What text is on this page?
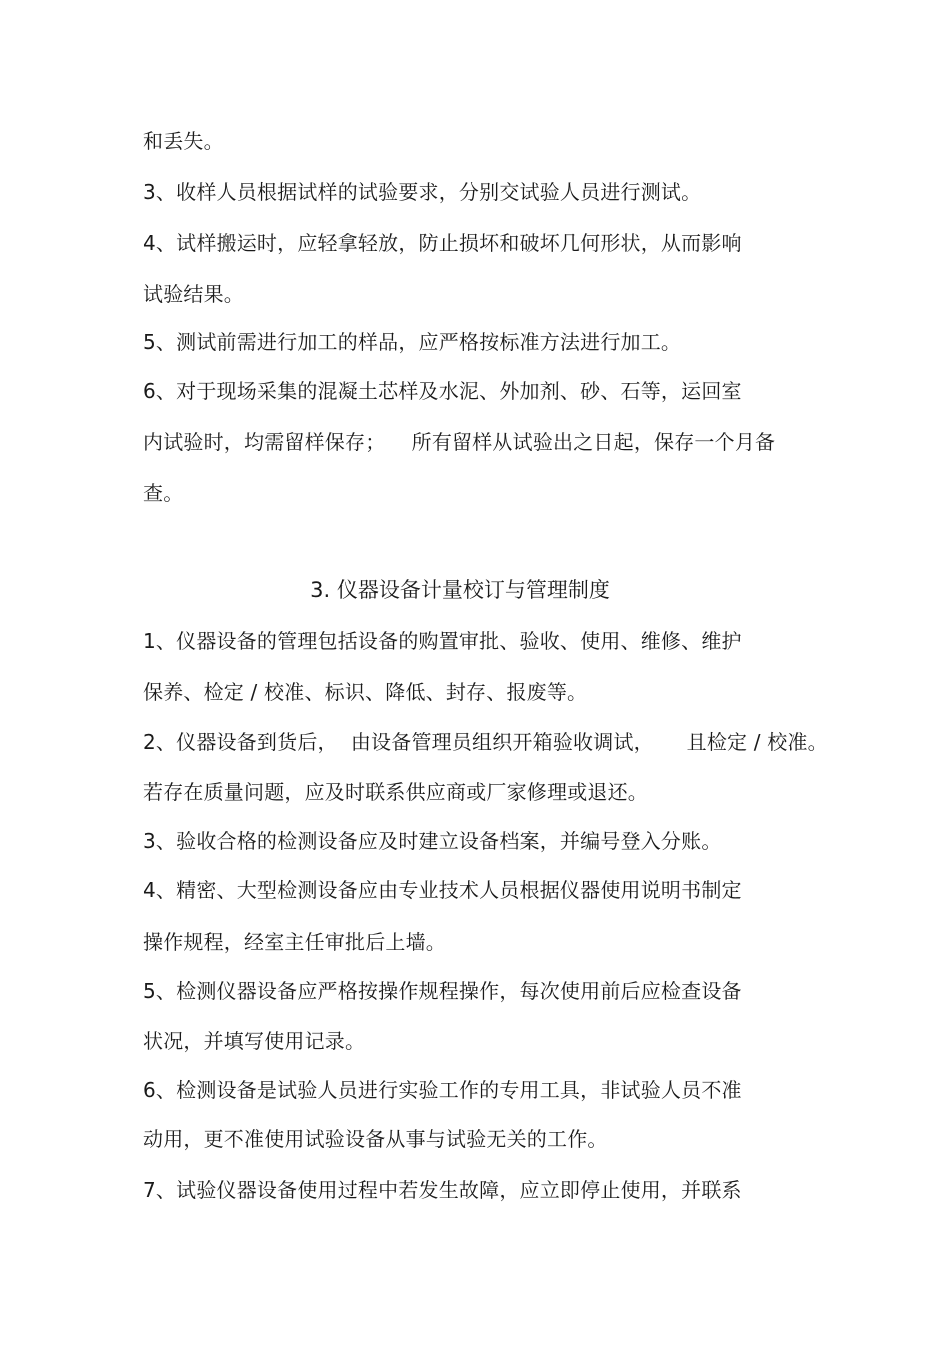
和丢失。
3、收样人员根据试样的试验要求，分别交试验人员进行测试。
4、试样搬运时，应轻拿轻放，防止损坏和破坏几何形状，从而影响
试验结果。
5、测试前需进行加工的样品，应严格按标准方法进行加工。
6、对于现场采集的混凝土芯样及水泥、外加剂、砂、石等，运回室
内试验时，均需留样保存；    所有留样从试验出之日起，保存一个月备
查。
3. 仪器设备计量校订与管理制度
1、仪器设备的管理包括设备的购置审批、验收、使用、维修、维护
保养、检定 / 校准、标识、降低、封存、报废等。
2、仪器设备到货后，  由设备管理员组织开箱验收调试，     且检定 / 校准。
若存在质量问题，应及时联系供应商或厂家修理或退还。
3、验收合格的检测设备应及时建立设备档案，并编号登入分账。
4、精密、大型检测设备应由专业技术人员根据仪器使用说明书制定
操作规程，经室主任审批后上墙。
5、检测仪器设备应严格按操作规程操作，每次使用前后应检查设备
状况，并填写使用记录。
6、检测设备是试验人员进行实验工作的专用工具，非试验人员不准
动用，更不准使用试验设备从事与试验无关的工作。
7、试验仪器设备使用过程中若发生故障，应立即停止使用，并联系
